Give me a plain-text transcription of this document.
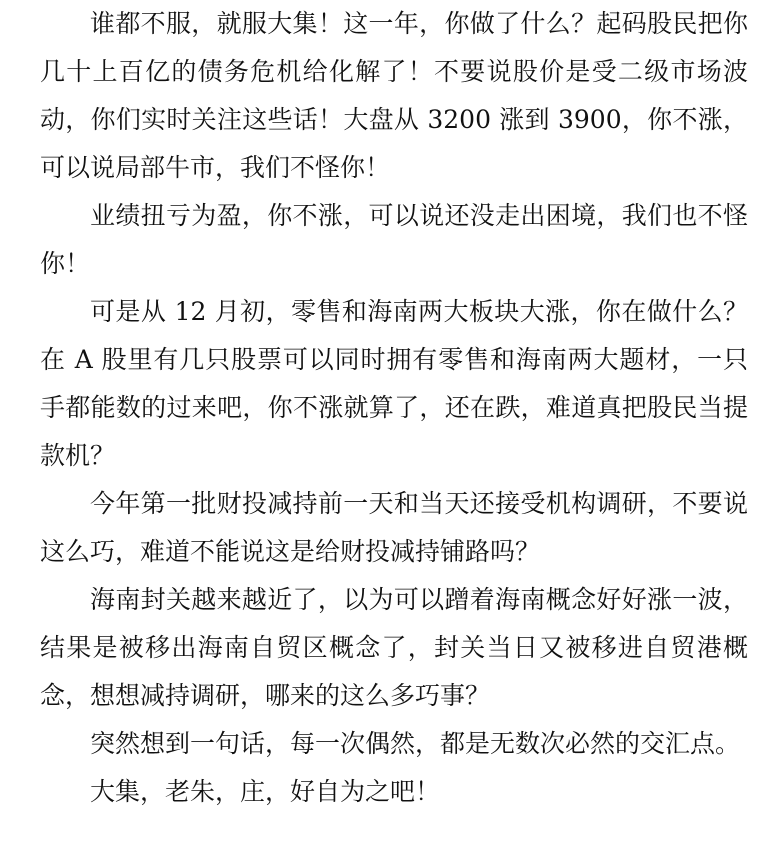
谁都不服，就服大集！这一年，你做了什么？起码股民把你几十上百亿的债务危机给化解了！不要说股价是受二级市场波动，你们实时关注这些话！大盘从 3200 涨到 3900，你不涨，可以说局部牛市，我们不怪你！

业绩扭亏为盈，你不涨，可以说还没走出困境，我们也不怪你！

可是从 12 月初，零售和海南两大板块大涨，你在做什么？在 A 股里有几只股票可以同时拥有零售和海南两大题材，一只手都能数的过来吧，你不涨就算了，还在跌，难道真把股民当提款机？

今年第一批财投减持前一天和当天还接受机构调研，不要说这么巧，难道不能说这是给财投减持铺路吗？

海南封关越来越近了，以为可以蹭着海南概念好好涨一波，结果是被移出海南自贸区概念了，封关当日又被移进自贸港概念，想想减持调研，哪来的这么多巧事？

突然想到一句话，每一次偶然，都是无数次必然的交汇点。

大集，老朱，庄，好自为之吧！
